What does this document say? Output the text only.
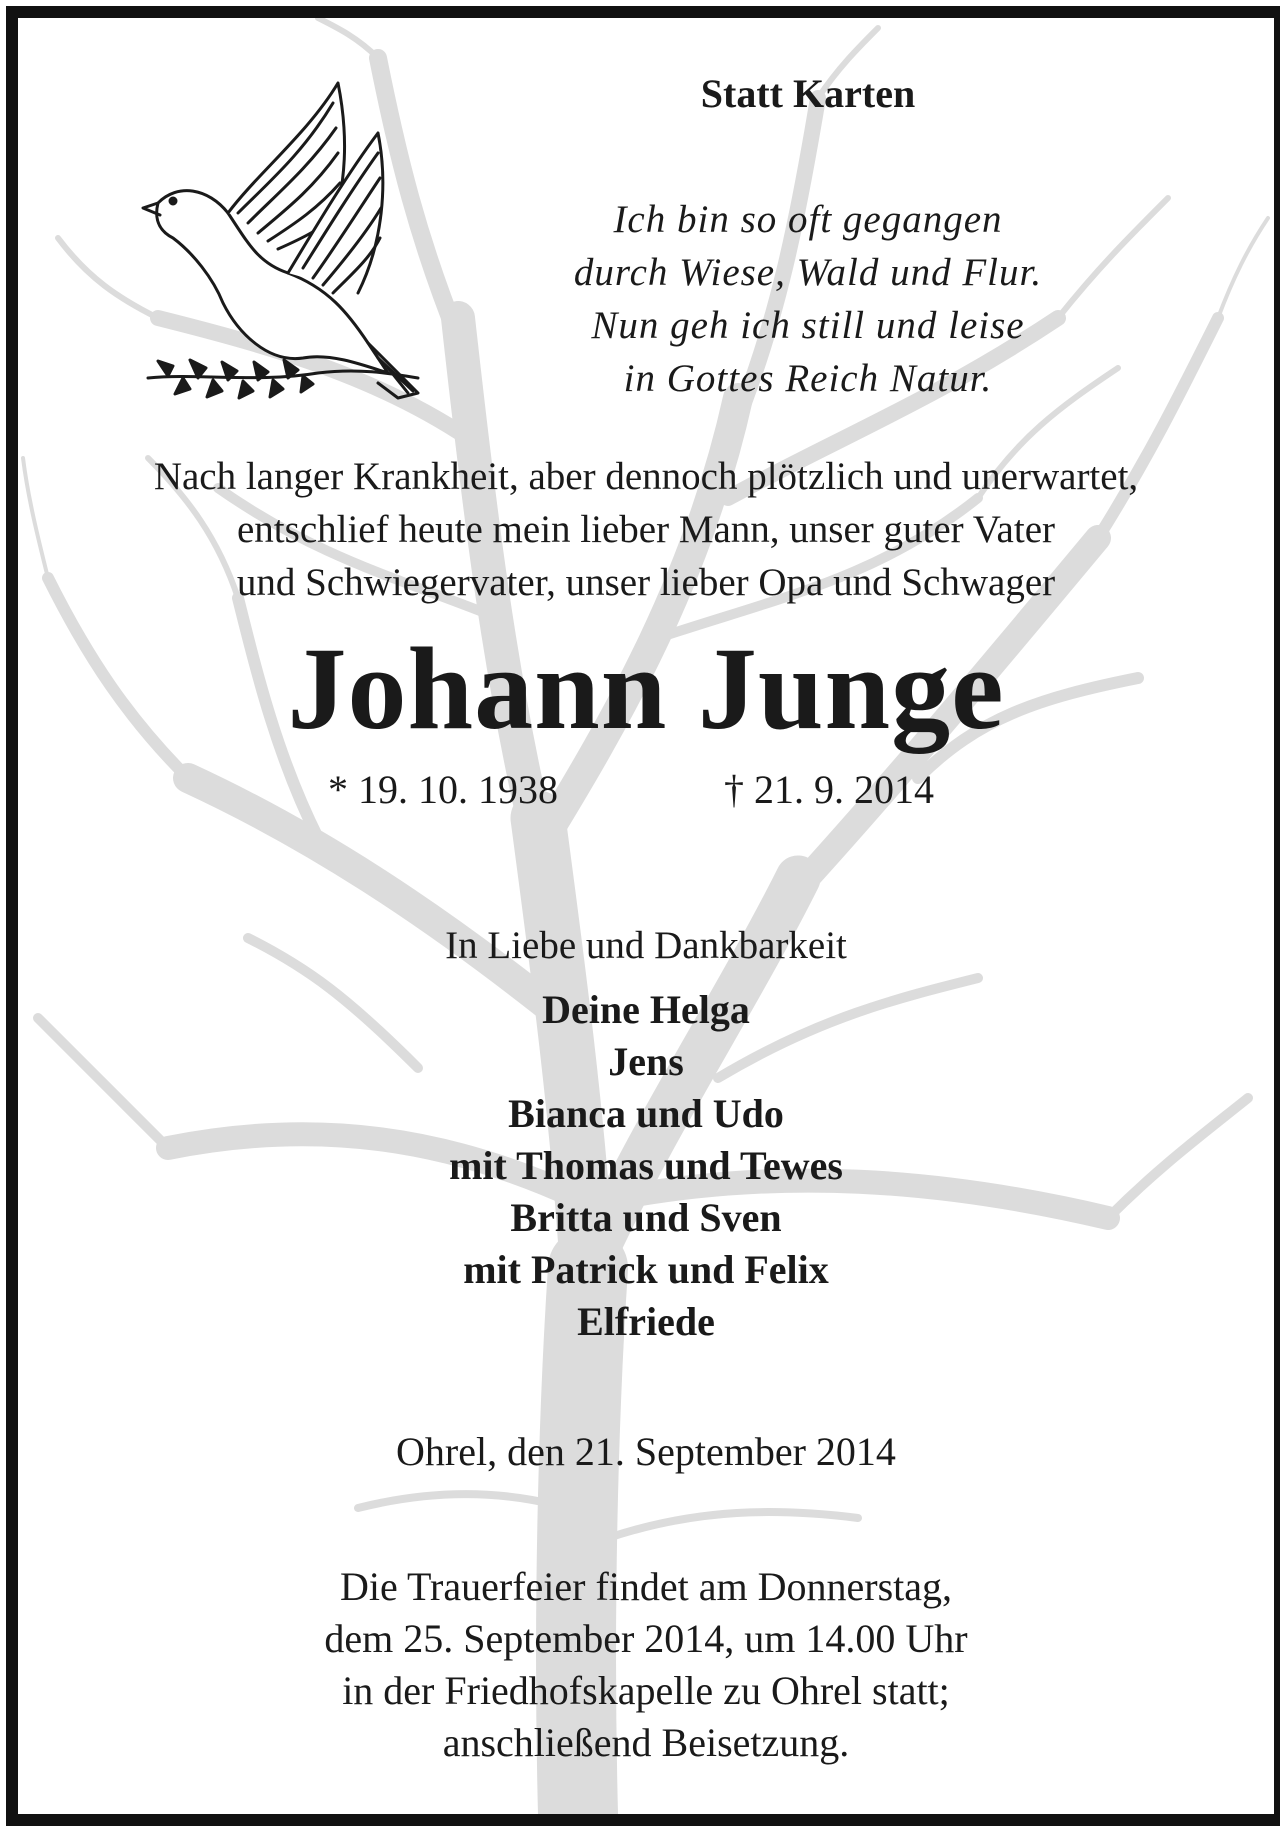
Statt Karten
Ich bin so oft gegangen
durch Wiese, Wald und Flur.
Nun geh ich still und leise
in Gottes Reich Natur.
Nach langer Krankheit, aber dennoch plötzlich und unerwartet,
entschlief heute mein lieber Mann, unser guter Vater
und Schwiegervater, unser lieber Opa und Schwager
Johann Junge
* 19. 10. 1938	† 21. 9. 2014
In Liebe und Dankbarkeit
Deine Helga
Jens
Bianca und Udo
mit Thomas und Tewes
Britta und Sven
mit Patrick und Felix
Elfriede
Ohrel, den 21. September 2014
Die Trauerfeier findet am Donnerstag,
dem 25. September 2014, um 14.00 Uhr
in der Friedhofskapelle zu Ohrel statt;
anschließend Beisetzung.
